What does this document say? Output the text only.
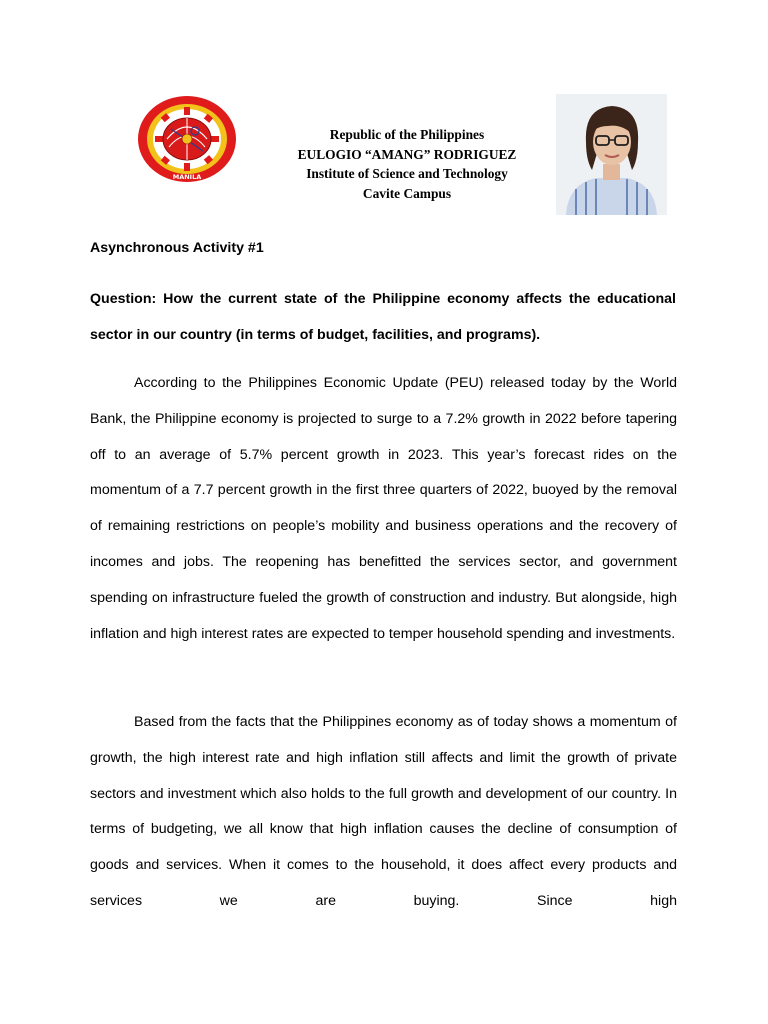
MANILA
Republic of the Philippines
EULOGIO “AMANG” RODRIGUEZ
Institute of Science and Technology
Cavite Campus
Asynchronous Activity #1
Question: How the current state of the Philippine economy affects the educational sector in our country (in terms of budget, facilities, and programs).
According to the Philippines Economic Update (PEU) released today by the World Bank, the Philippine economy is projected to surge to a 7.2% growth in 2022 before tapering off to an average of 5.7% percent growth in 2023. This year’s forecast rides on the momentum of a 7.7 percent growth in the first three quarters of 2022, buoyed by the removal of remaining restrictions on people’s mobility and business operations and the recovery of incomes and jobs. The reopening has benefitted the services sector, and government spending on infrastructure fueled the growth of construction and industry. But alongside, high inflation and high interest rates are expected to temper household spending and investments.
Based from the facts that the Philippines economy as of today shows a momentum of growth, the high interest rate and high inflation still affects and limit the growth of private sectors and investment which also holds to the full growth and development of our country. In terms of budgeting, we all know that high inflation causes the decline of consumption of goods and services. When it comes to the household, it does affect every products and services we are buying. Since high
